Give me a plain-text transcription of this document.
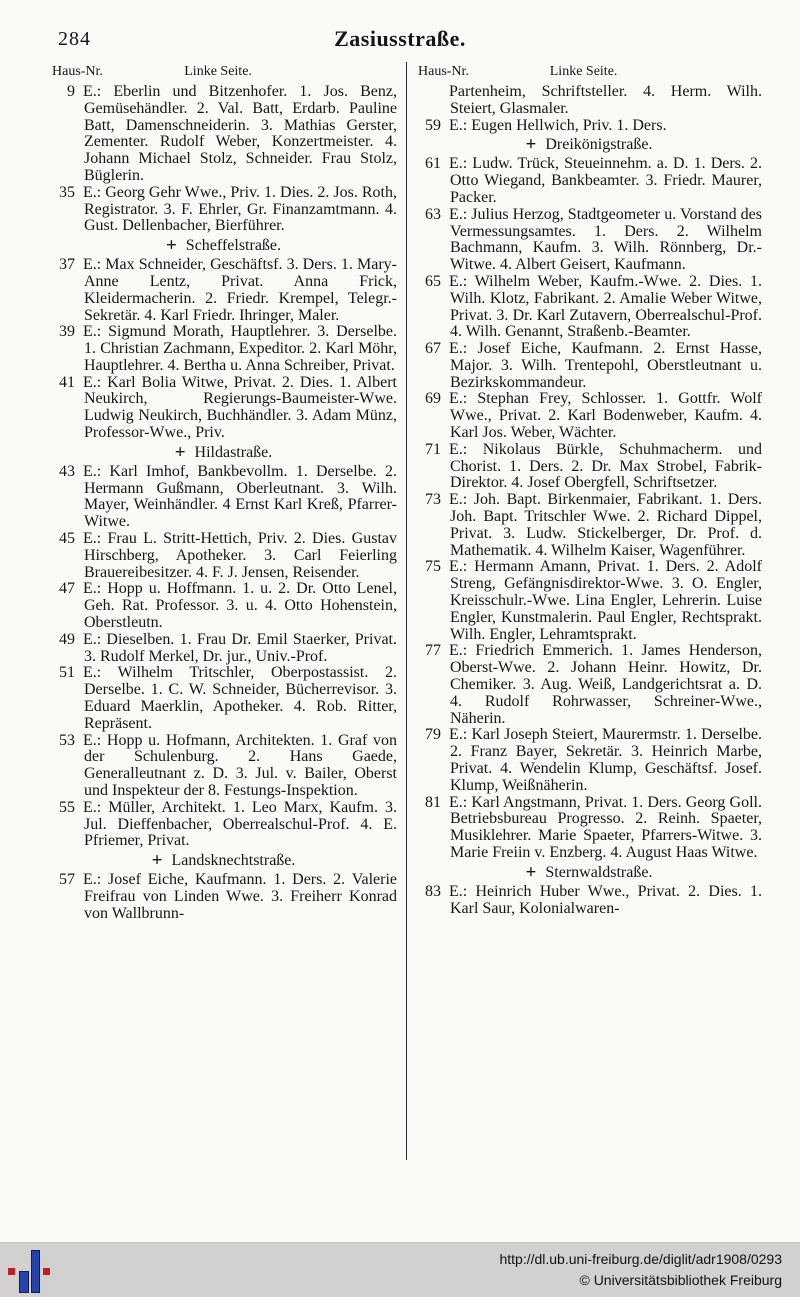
284	Zasiusstraße.
Haus-Nr.	Linke Seite.
9 E.: Eberlin und Bitzenhofer. 1. Jos. Benz, Gemüsehändler. 2. Val. Batt, Erdarb. Pauline Batt, Damenschneiderin. 3. Mathias Gerster, Zementer. Rudolf Weber, Konzertmeister. 4. Johann Michael Stolz, Schneider. Frau Stolz, Büglerin.
35 E.: Georg Gehr Wwe., Priv. 1. Dies. 2. Jos. Roth, Registrator. 3. F. Ehrler, Gr. Finanzamtmann. 4. Gust. Dellenbacher, Bierführer.
+ Scheffelstraße.
37 E.: Max Schneider, Geschäftsf. 3. Ders. 1. Mary-Anne Lentz, Privat. Anna Frick, Kleidermacherin. 2. Friedr. Krempel, Telegr.-Sekretär. 4. Karl Friedr. Ihringer, Maler.
39 E.: Sigmund Morath, Hauptlehrer. 3. Derselbe. 1. Christian Zachmann, Expeditor. 2. Karl Möhr, Hauptlehrer. 4. Bertha u. Anna Schreiber, Privat.
41 E.: Karl Bolia Witwe, Privat. 2. Dies. 1. Albert Neukirch, Regierungs-Baumeister-Wwe. Ludwig Neukirch, Buchhändler. 3. Adam Münz, Professor-Wwe., Priv.
+ Hildastraße.
43 E.: Karl Imhof, Bankbevollm. 1. Derselbe. 2. Hermann Gußmann, Oberleutnant. 3. Wilh. Mayer, Weinhändler. 4 Ernst Karl Kreß, Pfarrer-Witwe.
45 E.: Frau L. Stritt-Hettich, Priv. 2. Dies. Gustav Hirschberg, Apotheker. 3. Carl Feierling Brauereibesitzer. 4. F. J. Jensen, Reisender.
47 E.: Hopp u. Hoffmann. 1. u. 2. Dr. Otto Lenel, Geh. Rat. Professor. 3. u. 4. Otto Hohenstein, Oberstleutn.
49 E.: Dieselben. 1. Frau Dr. Emil Staerker, Privat. 3. Rudolf Merkel, Dr. jur., Univ.-Prof.
51 E.: Wilhelm Tritschler, Oberpostassist. 2. Derselbe. 1. C. W. Schneider, Bücherrevisor. 3. Eduard Maerklin, Apotheker. 4. Rob. Ritter, Repräsent.
53 E.: Hopp u. Hofmann, Architekten. 1. Graf von der Schulenburg. 2. Hans Gaede, Generalleutnant z. D. 3. Jul. v. Bailer, Oberst und Inspekteur der 8. Festungs-Inspektion.
55 E.: Müller, Architekt. 1. Leo Marx, Kaufm. 3. Jul. Dieffenbacher, Oberrealschul-Prof. 4. E. Pfriemer, Privat.
+ Landsknechtstraße.
57 E.: Josef Eiche, Kaufmann. 1. Ders. 2. Valerie Freifrau von Linden Wwe. 3. Freiherr Konrad von Wallbrunn-
Haus-Nr.	Linke Seite.
Partenheim, Schriftsteller. 4. Herm. Wilh. Steiert, Glasmaler.
59 E.: Eugen Hellwich, Priv. 1. Ders.
+ Dreikönigstraße.
61 E.: Ludw. Trück, Steueinnehm. a. D. 1. Ders. 2. Otto Wiegand, Bankbeamter. 3. Friedr. Maurer, Packer.
63 E.: Julius Herzog, Stadtgeometer u. Vorstand des Vermessungsamtes. 1. Ders. 2. Wilhelm Bachmann, Kaufm. 3. Wilh. Rönnberg, Dr.-Witwe. 4. Albert Geisert, Kaufmann.
65 E.: Wilhelm Weber, Kaufm.-Wwe. 2. Dies. 1. Wilh. Klotz, Fabrikant. 2. Amalie Weber Witwe, Privat. 3. Dr. Karl Zutavern, Oberrealschul-Prof. 4. Wilh. Genannt, Straßenb.-Beamter.
67 E.: Josef Eiche, Kaufmann. 2. Ernst Hasse, Major. 3. Wilh. Trentepohl, Oberstleutnant u. Bezirkskommandeur.
69 E.: Stephan Frey, Schlosser. 1. Gottfr. Wolf Wwe., Privat. 2. Karl Bodenweber, Kaufm. 4. Karl Jos. Weber, Wächter.
71 E.: Nikolaus Bürkle, Schuhmacherm. und Chorist. 1. Ders. 2. Dr. Max Strobel, Fabrik-Direktor. 4. Josef Obergfell, Schriftsetzer.
73 E.: Joh. Bapt. Birkenmaier, Fabrikant. 1. Ders. Joh. Bapt. Tritschler Wwe. 2. Richard Dippel, Privat. 3. Ludw. Stickelberger, Dr. Prof. d. Mathematik. 4. Wilhelm Kaiser, Wagenführer.
75 E.: Hermann Amann, Privat. 1. Ders. 2. Adolf Streng, Gefängnisdirektor-Wwe. 3. O. Engler, Kreisschulr.-Wwe. Lina Engler, Lehrerin. Luise Engler, Kunstmalerin. Paul Engler, Rechtsprakt. Wilh. Engler, Lehramtsprakt.
77 E.: Friedrich Emmerich. 1. James Henderson, Oberst-Wwe. 2. Johann Heinr. Howitz, Dr. Chemiker. 3. Aug. Weiß, Landgerichtsrat a. D. 4. Rudolf Rohrwasser, Schreiner-Wwe., Näherin.
79 E.: Karl Joseph Steiert, Maurermstr. 1. Derselbe. 2. Franz Bayer, Sekretär. 3. Heinrich Marbe, Privat. 4. Wendelin Klump, Geschäftsf. Josef. Klump, Weißnäherin.
81 E.: Karl Angstmann, Privat. 1. Ders. Georg Goll. Betriebsbureau Progresso. 2. Reinh. Spaeter, Musiklehrer. Marie Spaeter, Pfarrers-Witwe. 3. Marie Freiin v. Enzberg. 4. August Haas Witwe.
+ Sternwaldstraße.
83 E.: Heinrich Huber Wwe., Privat. 2. Dies. 1. Karl Saur, Kolonialwaren-
http://dl.ub.uni-freiburg.de/diglit/adr1908/0293
© Universitätsbibliothek Freiburg
